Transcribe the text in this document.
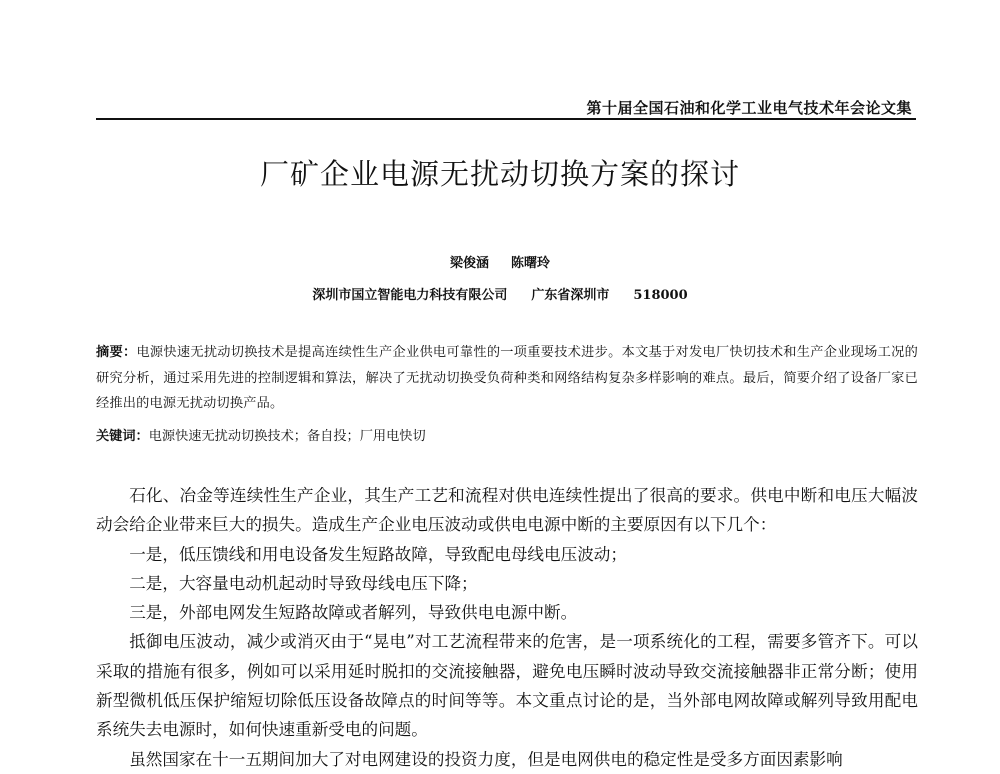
第十届全国石油和化学工业电气技术年会论文集
厂矿企业电源无扰动切换方案的探讨
梁俊涵 陈曙玲
深圳市国立智能电力科技有限公司 广东省深圳市 518000
摘要：电源快速无扰动切换技术是提高连续性生产企业供电可靠性的一项重要技术进步。本文基于对发电厂快切技术和生产企业现场工况的研究分析，通过采用先进的控制逻辑和算法，解决了无扰动切换受负荷种类和网络结构复杂多样影响的难点。最后，简要介绍了设备厂家已经推出的电源无扰动切换产品。
关键词：电源快速无扰动切换技术；备自投；厂用电快切

石化、冶金等连续性生产企业，其生产工艺和流程对供电连续性提出了很高的要求。供电中断和电压大幅波动会给企业带来巨大的损失。造成生产企业电压波动或供电电源中断的主要原因有以下几个：

一是，低压馈线和用电设备发生短路故障，导致配电母线电压波动；

二是，大容量电动机起动时导致母线电压下降；

三是，外部电网发生短路故障或者解列，导致供电电源中断。

抵御电压波动，减少或消灭由于“晃电”对工艺流程带来的危害，是一项系统化的工程，需要多管齐下。可以采取的措施有很多，例如可以采用延时脱扣的交流接触器，避免电压瞬时波动导致交流接触器非正常分断；使用新型微机低压保护缩短切除低压设备故障点的时间等等。本文重点讨论的是，当外部电网故障或解列导致用配电系统失去电源时，如何快速重新受电的问题。

虽然国家在十一五期间加大了对电网建设的投资力度，但是电网供电的稳定性是受多方面因素影响
